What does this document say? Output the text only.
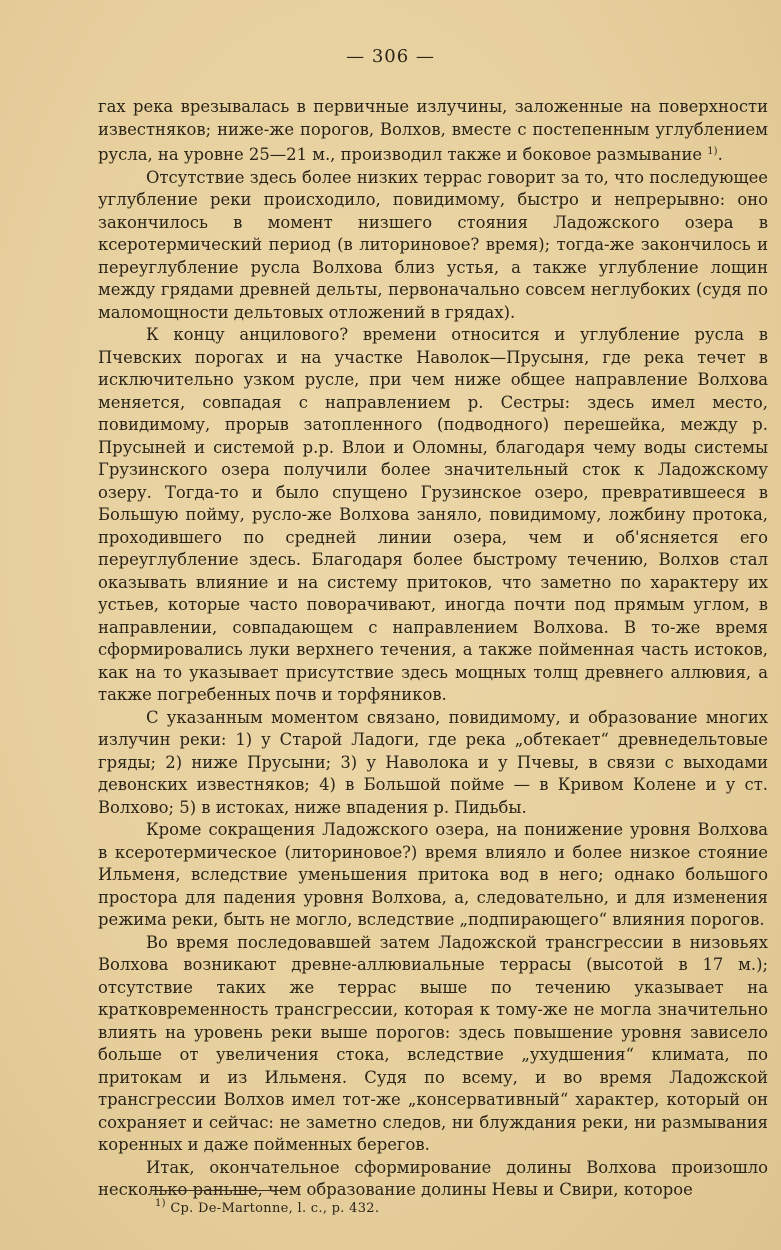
— 306 —

гах река врезывалась в первичные излучины, заложенные на поверхности известняков; ниже-же порогов, Волхов, вместе с постепенным углублением русла, на уровне 25—21 м., производил также и боковое размывание $^{1)}$.

Отсутствие здесь более низких террас говорит за то, что последующее углубление реки происходило, повидимому, быстро и непрерывно: оно закончилось в момент низшего стояния Ладожского озера в ксеротермический период (в литориновое? время); тогда-же закончилось и переуглубление русла Волхова близ устья, а также углубление лощин между грядами древней дельты, первоначально совсем неглубоких (судя по маломощности дельтовых отложений в грядах).

К концу анцилового? времени относится и углубление русла в Пчевских порогах и на участке Наволок—Прусыня, где река течет в исключительно узком русле, при чем ниже общее направление Волхова меняется, совпадая с направлением р. Сестры: здесь имел место, повидимому, прорыв затопленного (подводного) перешейка, между р. Прусыней и системой р.р. Влои и Оломны, благодаря чему воды системы Грузинского озера получили более значительный сток к Ладожскому озеру. Тогда-то и было спущено Грузинское озеро, превратившееся в Большую пойму, русло-же Волхова заняло, повидимому, ложбину протока, проходившего по средней линии озера, чем и об'ясняется его переуглубление здесь. Благодаря более быстрому течению, Волхов стал оказывать влияние и на систему притоков, что заметно по характеру их устьев, которые часто поворачивают, иногда почти под прямым углом, в направлении, совпадающем с направлением Волхова. В то-же время сформировались луки верхнего течения, а также пойменная часть истоков, как на то указывает присутствие здесь мощных толщ древнего аллювия, а также погребенных почв и торфяников.

С указанным моментом связано, повидимому, и образование многих излучин реки: 1) у Старой Ладоги, где река „обтекает“ древнедельтовые гряды; 2) ниже Прусыни; 3) у Наволока и у Пчевы, в связи с выходами девонских известняков; 4) в Большой пойме — в Кривом Колене и у ст. Волхово; 5) в истоках, ниже впадения р. Пидьбы.

Кроме сокращения Ладожского озера, на понижение уровня Волхова в ксеротермическое (литориновое?) время влияло и более низкое стояние Ильменя, вследствие уменьшения притока вод в него; однако большого простора для падения уровня Волхова, а, следовательно, и для изменения режима реки, быть не могло, вследствие „подпирающего“ влияния порогов.

Во время последовавшей затем Ладожской трансгрессии в низовьях Волхова возникают древне-аллювиальные террасы (высотой в 17 м.); отсутствие таких же террас выше по течению указывает на кратковременность трансгрессии, которая к тому-же не могла значительно влиять на уровень реки выше порогов: здесь повышение уровня зависело больше от увеличения стока, вследствие „ухудшения“ климата, по притокам и из Ильменя. Судя по всему, и во время Ладожской трансгрессии Волхов имел тот-же „консервативный“ характер, который он сохраняет и сейчас: не заметно следов, ни блуждания реки, ни размывания коренных и даже пойменных берегов.

Итак, окончательное сформирование долины Волхова произошло несколько раньше, чем образование долины Невы и Свири, которое

$^{1)}$ Ср. De-Martonne, l. c., p. 432.
